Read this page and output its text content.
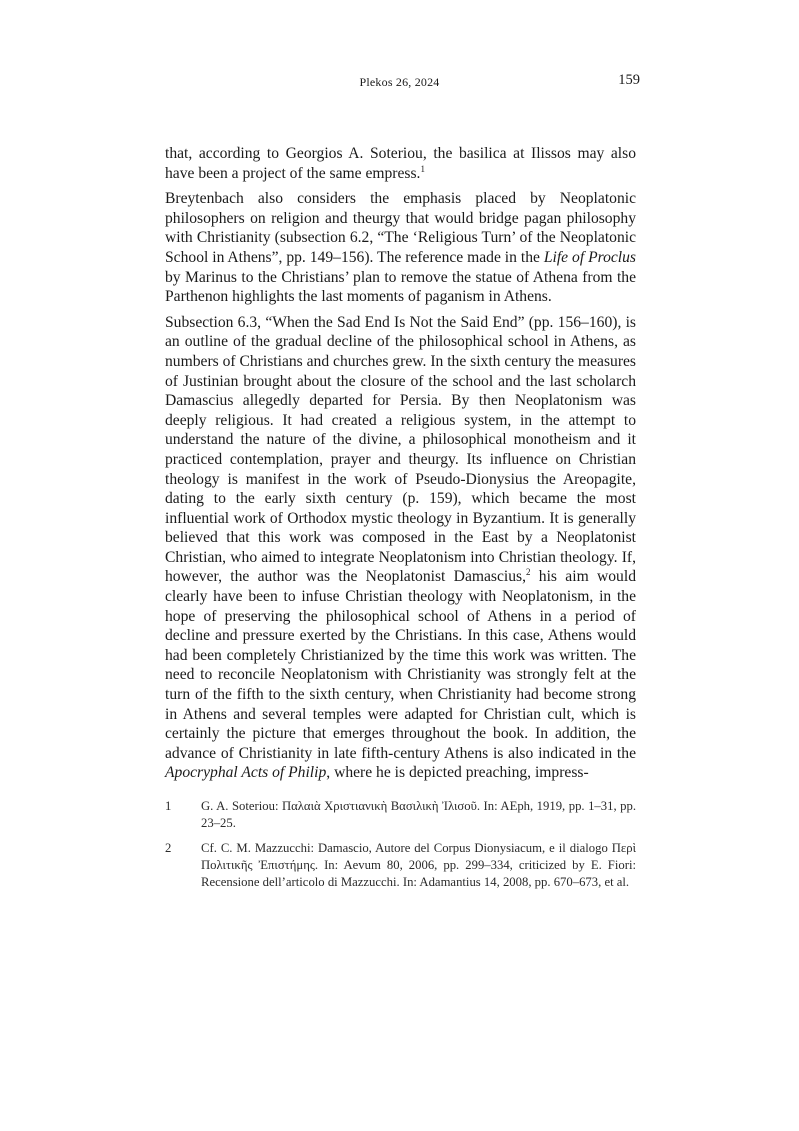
Plekos 26, 2024	159

that, according to Georgios A. Soteriou, the basilica at Ilissos may also have been a project of the same empress.$^1$

Breytenbach also considers the emphasis placed by Neoplatonic philosophers on religion and theurgy that would bridge pagan philosophy with Christianity (subsection 6.2, “The ‘Religious Turn’ of the Neoplatonic School in Athens”, pp. 149–156). The reference made in the Life of Proclus by Marinus to the Christians’ plan to remove the statue of Athena from the Parthenon highlights the last moments of paganism in Athens.

Subsection 6.3, “When the Sad End Is Not the Said End” (pp. 156–160), is an outline of the gradual decline of the philosophical school in Athens, as numbers of Christians and churches grew. In the sixth century the measures of Justinian brought about the closure of the school and the last scholarch Damascius allegedly departed for Persia. By then Neoplatonism was deeply religious. It had created a religious system, in the attempt to understand the nature of the divine, a philosophical monotheism and it practiced contemplation, prayer and theurgy. Its influence on Christian theology is manifest in the work of Pseudo-Dionysius the Areopagite, dating to the early sixth century (p. 159), which became the most influential work of Orthodox mystic theology in Byzantium. It is generally believed that this work was composed in the East by a Neoplatonist Christian, who aimed to integrate Neoplatonism into Christian theology. If, however, the author was the Neoplatonist Damascius,$^2$ his aim would clearly have been to infuse Christian theology with Neoplatonism, in the hope of preserving the philosophical school of Athens in a period of decline and pressure exerted by the Christians. In this case, Athens would had been completely Christianized by the time this work was written. The need to reconcile Neoplatonism with Christianity was strongly felt at the turn of the fifth to the sixth century, when Christianity had become strong in Athens and several temples were adapted for Christian cult, which is certainly the picture that emerges throughout the book. In addition, the advance of Christianity in late fifth-century Athens is also indicated in the Apocryphal Acts of Philip, where he is depicted preaching, impress-

1	G. A. Soteriou: Παλαιὰ Χριστιανικὴ Βασιλικὴ Ἰλισοῦ. In: AEph, 1919, pp. 1–31, pp. 23–25.
2	Cf. C. M. Mazzucchi: Damascio, Autore del Corpus Dionysiacum, e il dialogo Περὶ Πολιτικῆς Ἐπιστήμης. In: Aevum 80, 2006, pp. 299–334, criticized by E. Fiori: Recensione dell’articolo di Mazzucchi. In: Adamantius 14, 2008, pp. 670–673, et al.
